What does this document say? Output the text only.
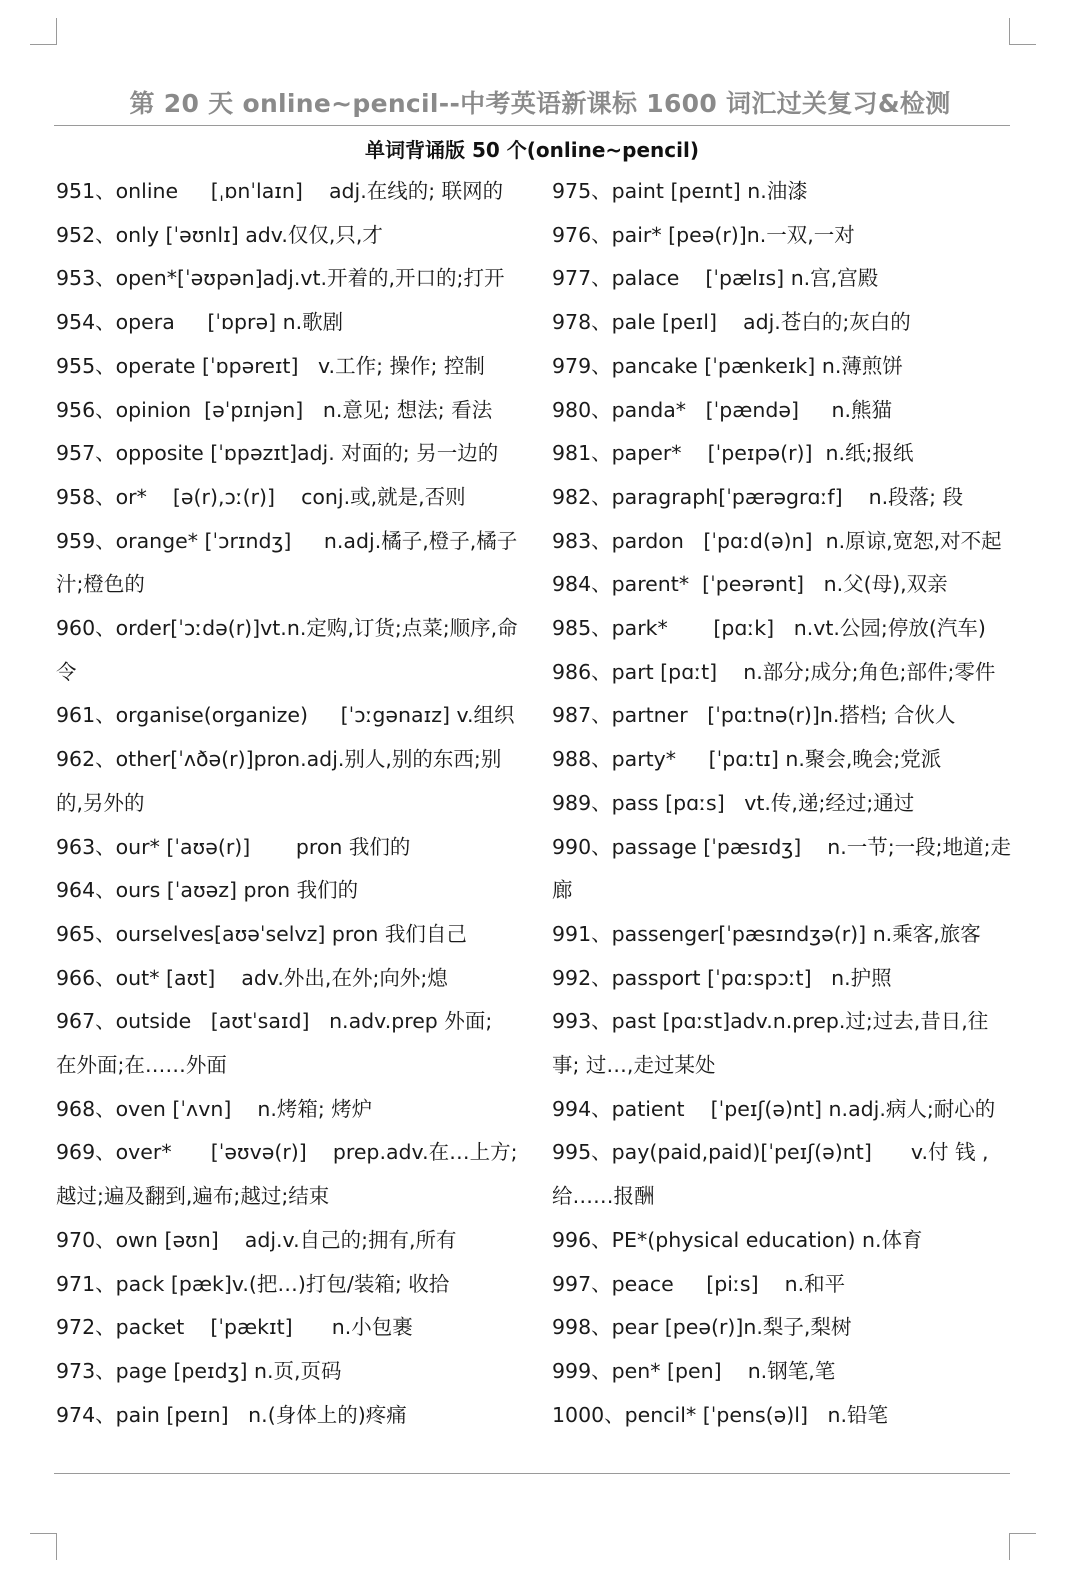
第 20 天 online~pencil--中考英语新课标 1600 词汇过关复习&检测
单词背诵版 50 个(online~pencil)
951、online     [ˌɒnˈlaɪn]    adj.在线的; 联网的
952、only [ˈəʊnlɪ] adv.仅仅,只,才
953、open*[ˈəʊpən]adj.vt.开着的,开口的;打开
954、opera     [ˈɒprə] n.歌剧
955、operate [ˈɒpəreɪt]   v.工作; 操作; 控制
956、opinion  [əˈpɪnjən]   n.意见; 想法; 看法
957、opposite [ˈɒpəzɪt]adj. 对面的; 另一边的
958、or*    [ə(r),ɔː(r)]    conj.或,就是,否则
959、orange* [ˈɔrɪndʒ]     n.adj.橘子,橙子,橘子汁;橙色的
960、order[ˈɔːdə(r)]vt.n.定购,订货;点菜;顺序,命令
961、organise(organize)     [ˈɔːgənaɪz] v.组织
962、other[ˈʌðə(r)]pron.adj.别人,别的东西;别的,另外的
963、our* [ˈaʊə(r)]       pron 我们的
964、ours [ˈaʊəz] pron 我们的
965、ourselves[aʊəˈselvz] pron 我们自己
966、out* [aʊt]    adv.外出,在外;向外;熄
967、outside   [aʊtˈsaɪd]   n.adv.prep 外面; 在外面;在……外面
968、oven [ˈʌvn]    n.烤箱; 烤炉
969、over*      [ˈəʊvə(r)]    prep.adv.在…上方;越过;遍及翻到,遍布;越过;结束
970、own [əʊn]    adj.v.自己的;拥有,所有
971、pack [pæk]v.(把…)打包/装箱; 收拾
972、packet    [ˈpækɪt]      n.小包裹
973、page [peɪdʒ] n.页,页码
974、pain [peɪn]   n.(身体上的)疼痛
975、paint [peɪnt] n.油漆
976、pair* [peə(r)]n.一双,一对
977、palace    [ˈpælɪs] n.宫,宫殿
978、pale [peɪl]    adj.苍白的;灰白的
979、pancake [ˈpænkeɪk] n.薄煎饼
980、panda*   [ˈpændə]     n.熊猫
981、paper*    [ˈpeɪpə(r)]  n.纸;报纸
982、paragraph[ˈpærəgrɑːf]    n.段落; 段
983、pardon   [ˈpɑːd(ə)n]  n.原谅,宽恕,对不起
984、parent*  [ˈpeərənt]   n.父(母),双亲
985、park*       [pɑːk]   n.vt.公园;停放(汽车)
986、part [pɑːt]    n.部分;成分;角色;部件;零件
987、partner   [ˈpɑːtnə(r)]n.搭档; 合伙人
988、party*     [ˈpɑːtɪ] n.聚会,晚会;党派
989、pass [pɑːs]   vt.传,递;经过;通过
990、passage [ˈpæsɪdʒ]    n.一节;一段;地道;走廊
991、passenger[ˈpæsɪndʒə(r)] n.乘客,旅客
992、passport [ˈpɑːspɔːt]   n.护照
993、past [pɑːst]adv.n.prep.过;过去,昔日,往事; 过…,走过某处
994、patient    [ˈpeɪʃ(ə)nt] n.adj.病人;耐心的
995、pay(paid,paid)[ˈpeɪʃ(ə)nt]      v.付 钱 , 给……报酬
996、PE*(physical education) n.体育
997、peace     [piːs]    n.和平
998、pear [peə(r)]n.梨子,梨树
999、pen* [pen]    n.钢笔,笔
1000、pencil* [ˈpens(ə)l]   n.铅笔
